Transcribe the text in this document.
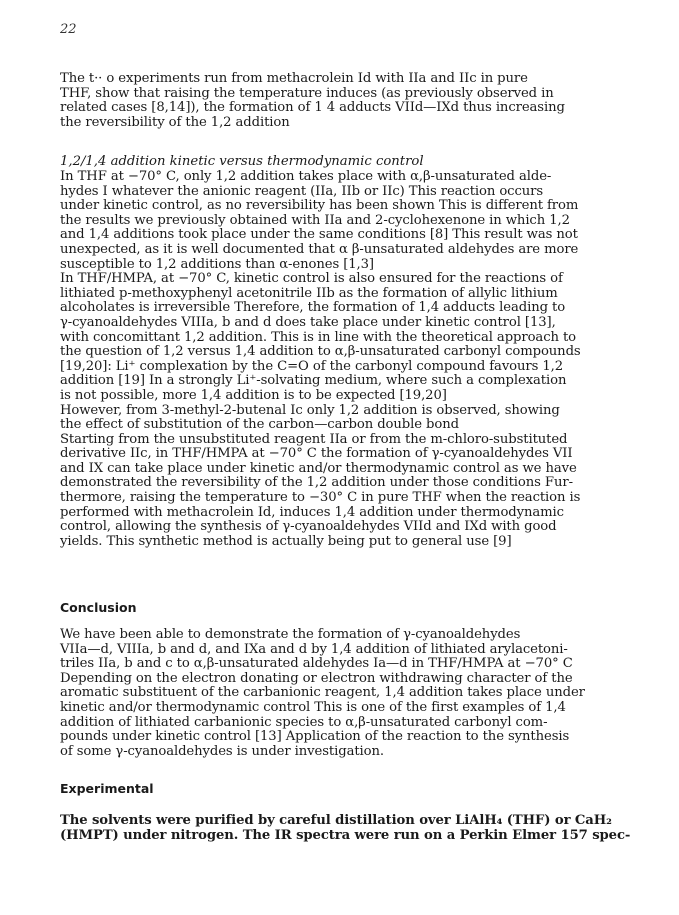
22
The t·· o experiments run from methacrolein Id with IIa and IIc in pure
THF, show that raising the temperature induces (as previously observed in
related cases [8,14]), the formation of 1 4 adducts VIId—IXd thus increasing
the reversibility of the 1,2 addition
1,2/1,4 addition kinetic versus thermodynamic control
In THF at −70° C, only 1,2 addition takes place with α,β-unsaturated alde-
hydes I whatever the anionic reagent (IIa, IIb or IIc) This reaction occurs
under kinetic control, as no reversibility has been shown This is different from
the results we previously obtained with IIa and 2-cyclohexenone in which 1,2
and 1,4 additions took place under the same conditions [8] This result was not
unexpected, as it is well documented that α β-unsaturated aldehydes are more
susceptible to 1,2 additions than α-enones [1,3]
In THF/HMPA, at −70° C, kinetic control is also ensured for the reactions of
lithiated p-methoxyphenyl acetonitrile IIb as the formation of allylic lithium
alcoholates is irreversible Therefore, the formation of 1,4 adducts leading to
γ-cyanoaldehydes VIIIa, b and d does take place under kinetic control [13],
with concomittant 1,2 addition. This is in line with the theoretical approach to
the question of 1,2 versus 1,4 addition to α,β-unsaturated carbonyl compounds
[19,20]: Li⁺ complexation by the C=O of the carbonyl compound favours 1,2
addition [19] In a strongly Li⁺-solvating medium, where such a complexation
is not possible, more 1,4 addition is to be expected [19,20]
However, from 3-methyl-2-butenal Ic only 1,2 addition is observed, showing
the effect of substitution of the carbon—carbon double bond
Starting from the unsubstituted reagent IIa or from the m-chloro-substituted
derivative IIc, in THF/HMPA at −70° C the formation of γ-cyanoaldehydes VII
and IX can take place under kinetic and/or thermodynamic control as we have
demonstrated the reversibility of the 1,2 addition under those conditions Fur-
thermore, raising the temperature to −30° C in pure THF when the reaction is
performed with methacrolein Id, induces 1,4 addition under thermodynamic
control, allowing the synthesis of γ-cyanoaldehydes VIId and IXd with good
yields. This synthetic method is actually being put to general use [9]
Conclusion
We have been able to demonstrate the formation of γ-cyanoaldehydes
VIIa—d, VIIIa, b and d, and IXa and d by 1,4 addition of lithiated arylacetoni-
triles IIa, b and c to α,β-unsaturated aldehydes Ia—d in THF/HMPA at −70° C
Depending on the electron donating or electron withdrawing character of the
aromatic substituent of the carbanionic reagent, 1,4 addition takes place under
kinetic and/or thermodynamic control This is one of the first examples of 1,4
addition of lithiated carbanionic species to α,β-unsaturated carbonyl com-
pounds under kinetic control [13] Application of the reaction to the synthesis
of some γ-cyanoaldehydes is under investigation.
Experimental
The solvents were purified by careful distillation over LiAlH₄ (THF) or CaH₂
(HMPT) under nitrogen. The IR spectra were run on a Perkin Elmer 157 spec-
